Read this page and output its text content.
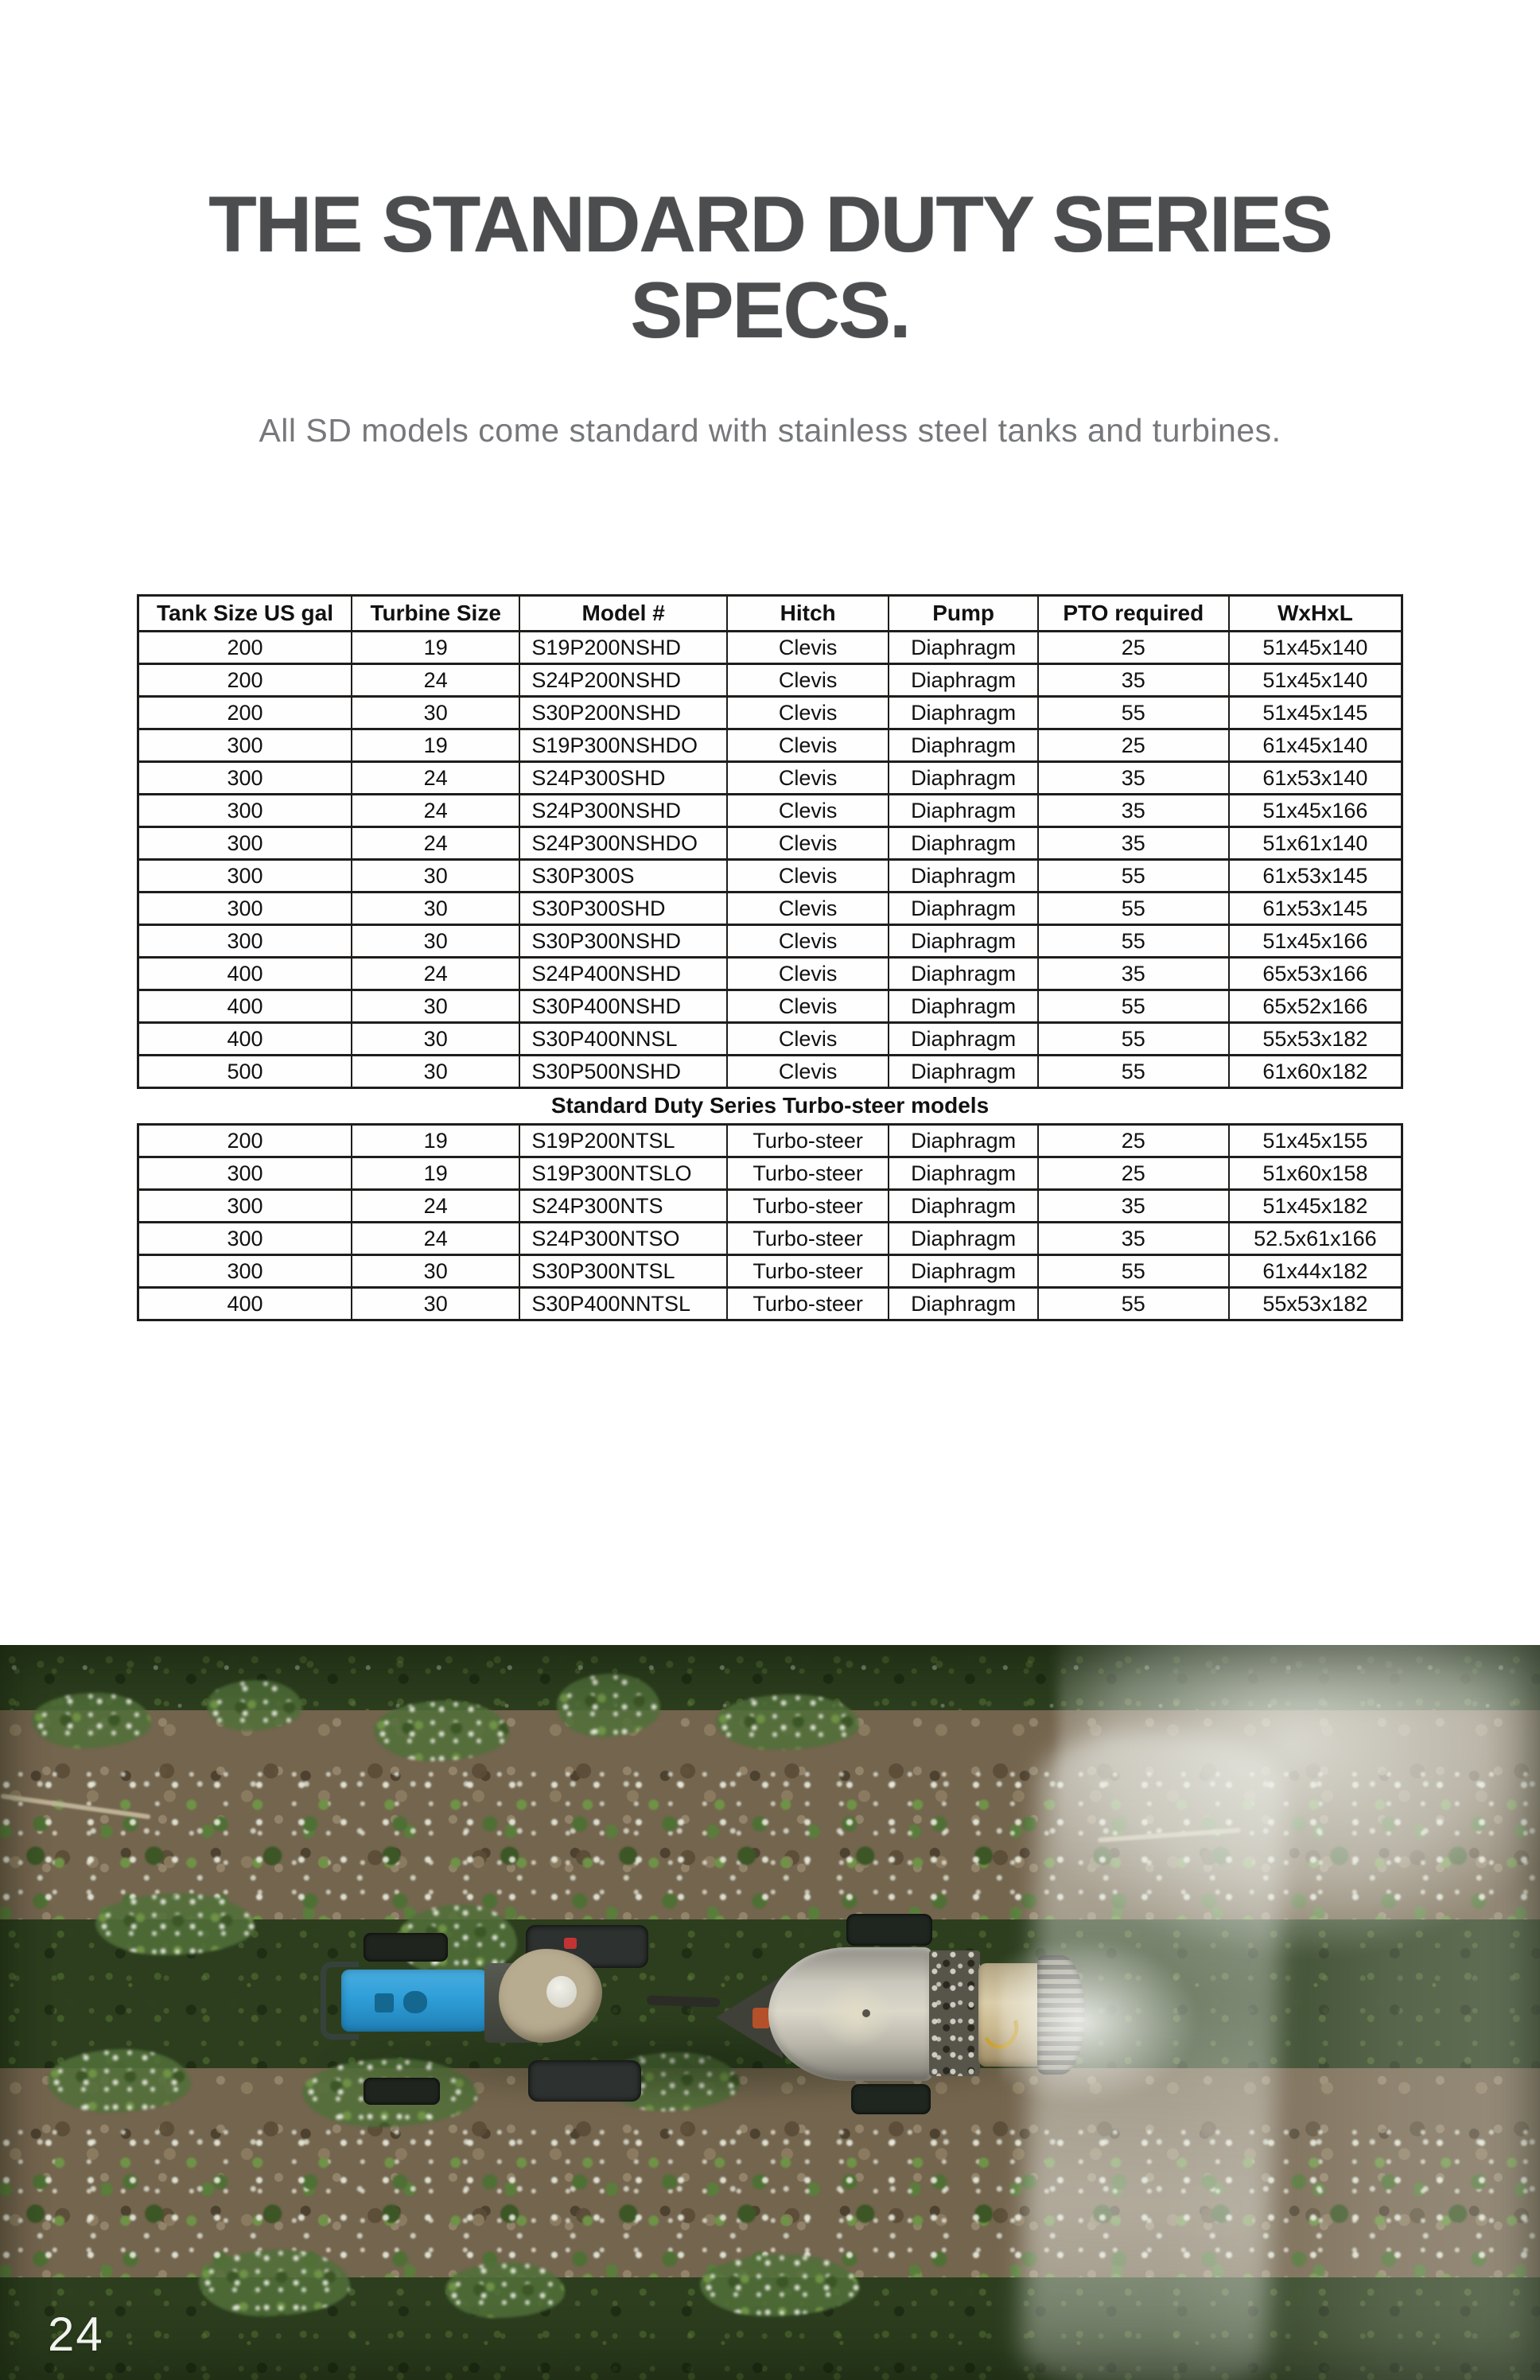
THE STANDARD DUTY SERIES
SPECS.

All SD models come standard with stainless steel tanks and turbines.

Tank Size US gal	Turbine Size	Model #	Hitch	Pump	PTO required	WxHxL
200	19	S19P200NSHD	Clevis	Diaphragm	25	51x45x140
200	24	S24P200NSHD	Clevis	Diaphragm	35	51x45x140
200	30	S30P200NSHD	Clevis	Diaphragm	55	51x45x145
300	19	S19P300NSHDO	Clevis	Diaphragm	25	61x45x140
300	24	S24P300SHD	Clevis	Diaphragm	35	61x53x140
300	24	S24P300NSHD	Clevis	Diaphragm	35	51x45x166
300	24	S24P300NSHDO	Clevis	Diaphragm	35	51x61x140
300	30	S30P300S	Clevis	Diaphragm	55	61x53x145
300	30	S30P300SHD	Clevis	Diaphragm	55	61x53x145
300	30	S30P300NSHD	Clevis	Diaphragm	55	51x45x166
400	24	S24P400NSHD	Clevis	Diaphragm	35	65x53x166
400	30	S30P400NSHD	Clevis	Diaphragm	55	65x52x166
400	30	S30P400NNSL	Clevis	Diaphragm	55	55x53x182
500	30	S30P500NSHD	Clevis	Diaphragm	55	61x60x182
Standard Duty Series Turbo-steer models
200	19	S19P200NTSL	Turbo-steer	Diaphragm	25	51x45x155
300	19	S19P300NTSLO	Turbo-steer	Diaphragm	25	51x60x158
300	24	S24P300NTS	Turbo-steer	Diaphragm	35	51x45x182
300	24	S24P300NTSO	Turbo-steer	Diaphragm	35	52.5x61x166
300	30	S30P300NTSL	Turbo-steer	Diaphragm	55	61x44x182
400	30	S30P400NNTSL	Turbo-steer	Diaphragm	55	55x53x182
24
